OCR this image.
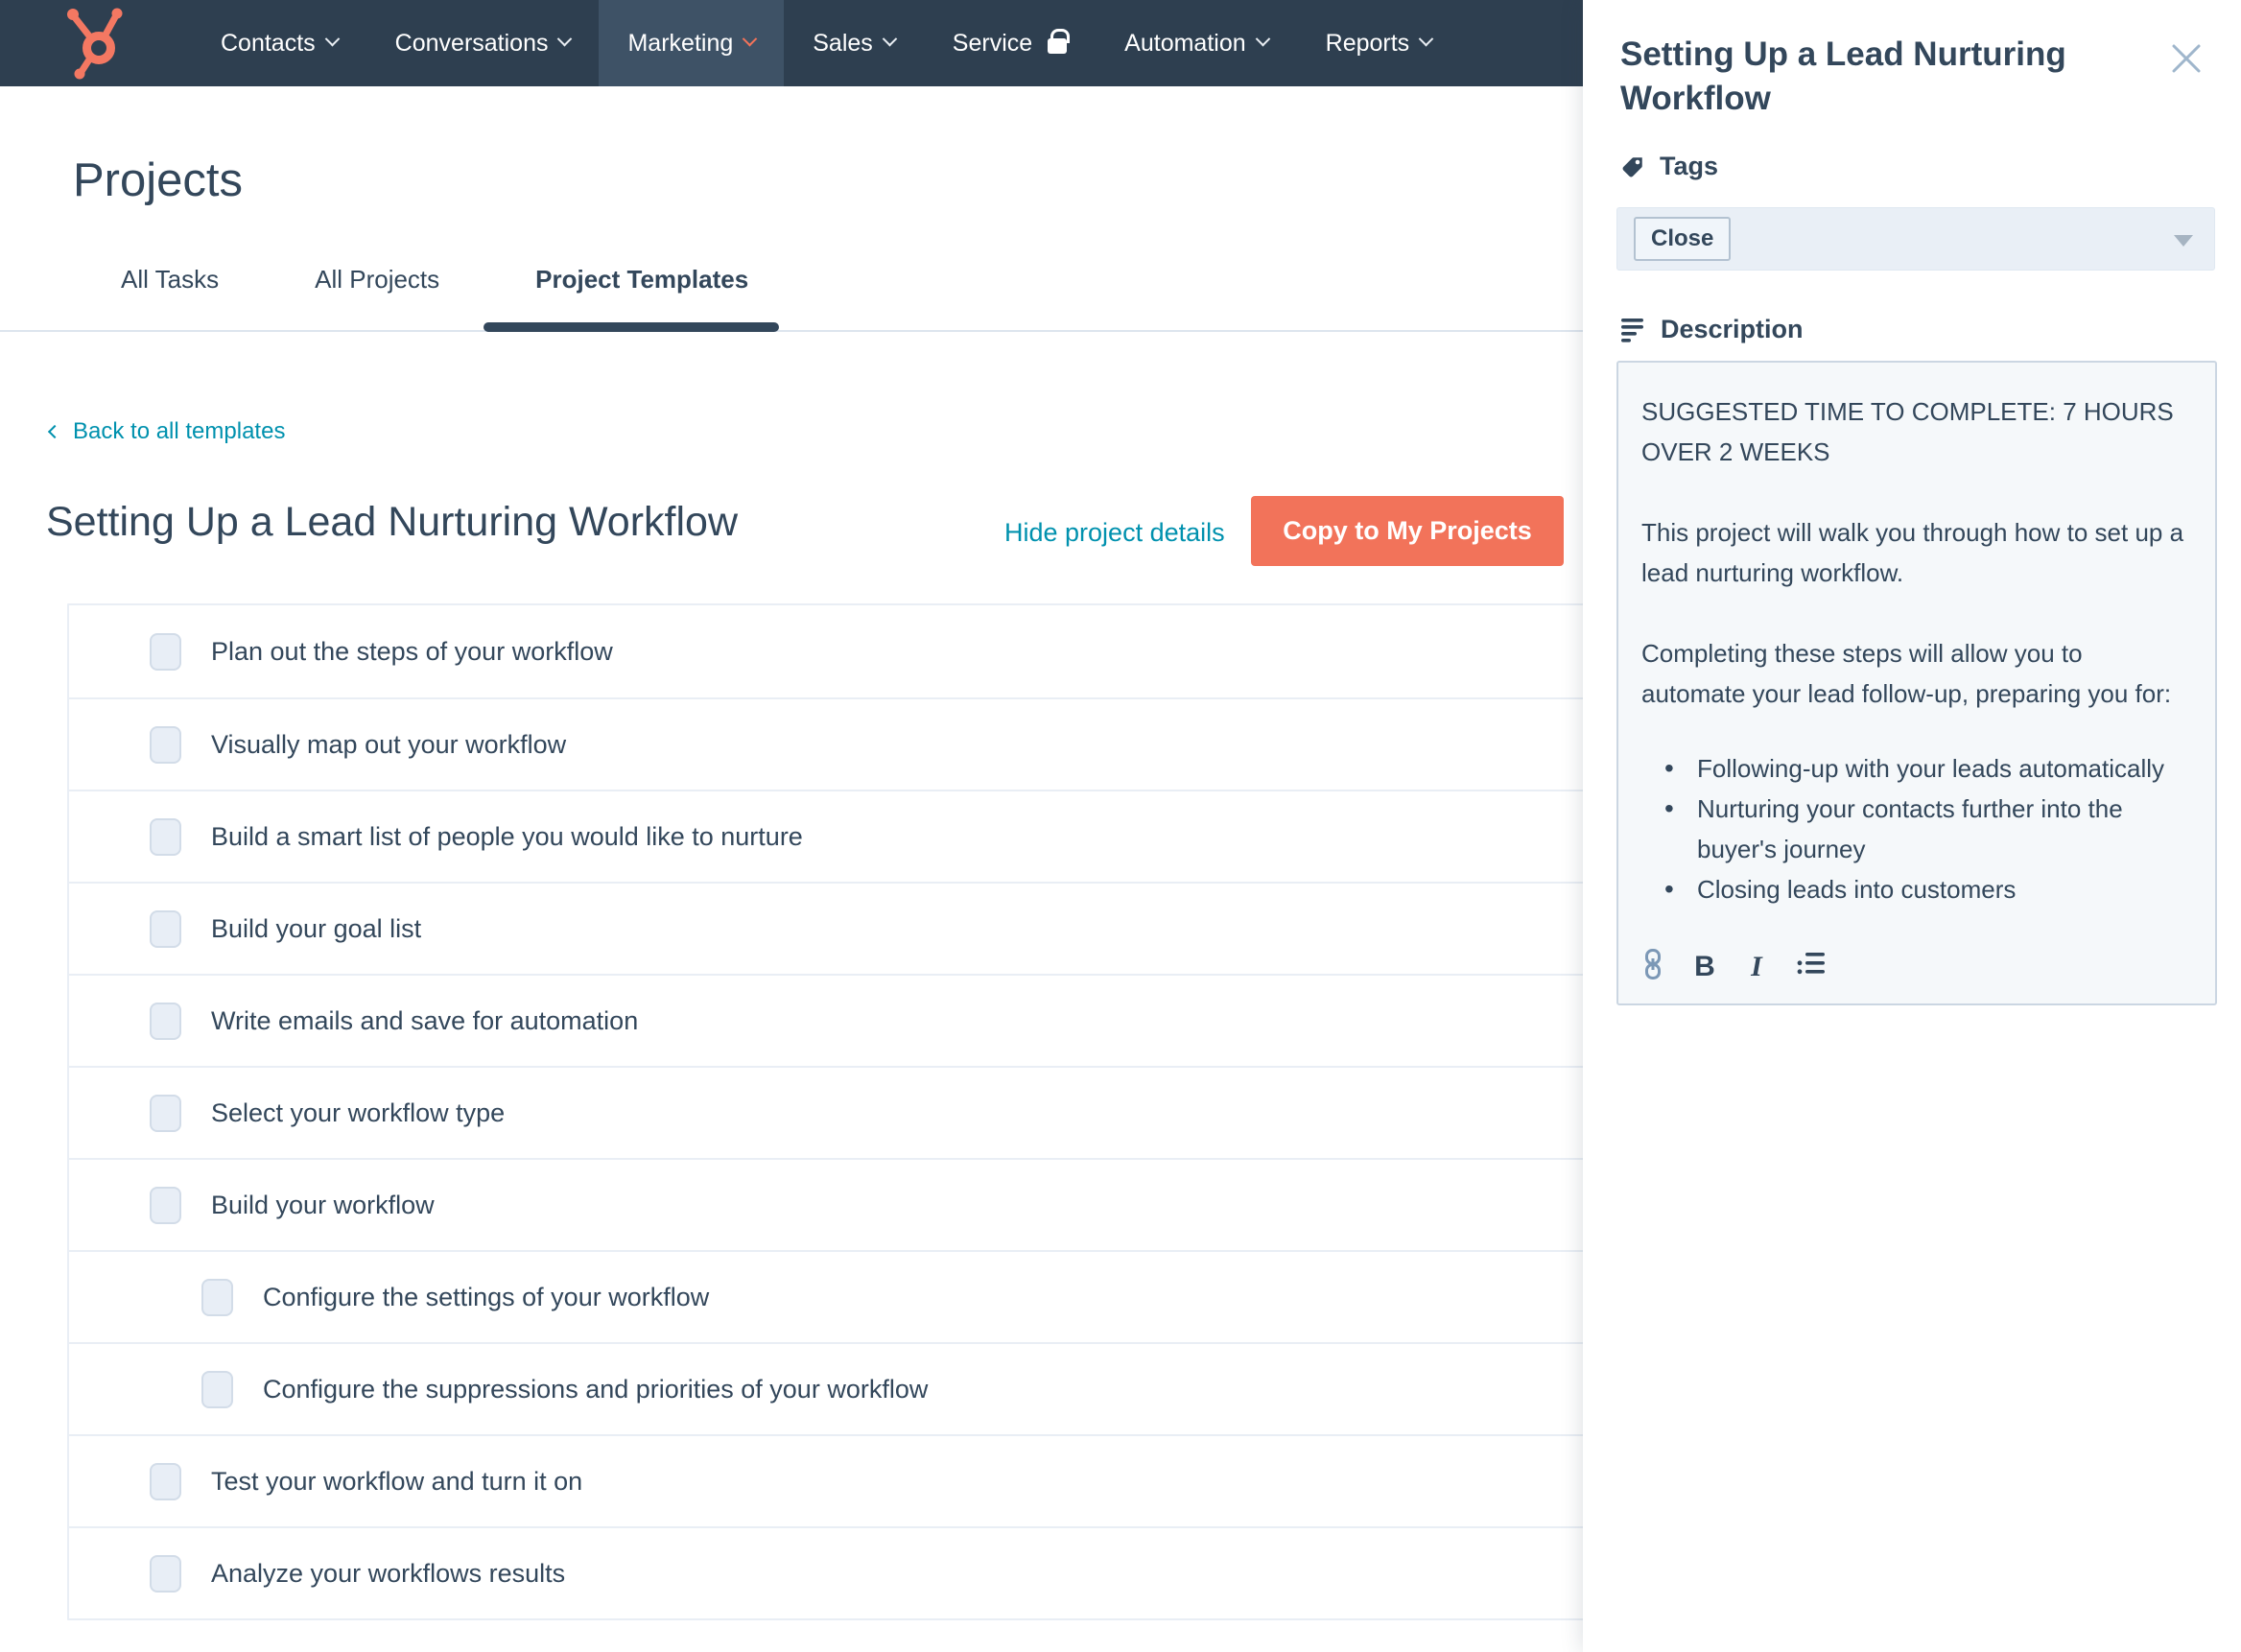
Contacts	Conversations	Marketing	Sales	Service	Automation	Reports
Projects
All Tasks	All Projects	Project Templates
Back to all templates
Setting Up a Lead Nurturing Workflow	Hide project details	Copy to My Projects
Plan out the steps of your workflow
Visually map out your workflow
Build a smart list of people you would like to nurture
Build your goal list
Write emails and save for automation
Select your workflow type
Build your workflow
Configure the settings of your workflow
Configure the suppressions and priorities of your workflow
Test your workflow and turn it on
Analyze your workflows results
Setting Up a Lead Nurturing Workflow
Tags
Close
Description

SUGGESTED TIME TO COMPLETE: 7 HOURS OVER 2 WEEKS

This project will walk you through how to set up a lead nurturing workflow.

Completing these steps will allow you to automate your lead follow-up, preparing you for:

• Following-up with your leads automatically
• Nurturing your contacts further into the buyer's journey
• Closing leads into customers
B I
